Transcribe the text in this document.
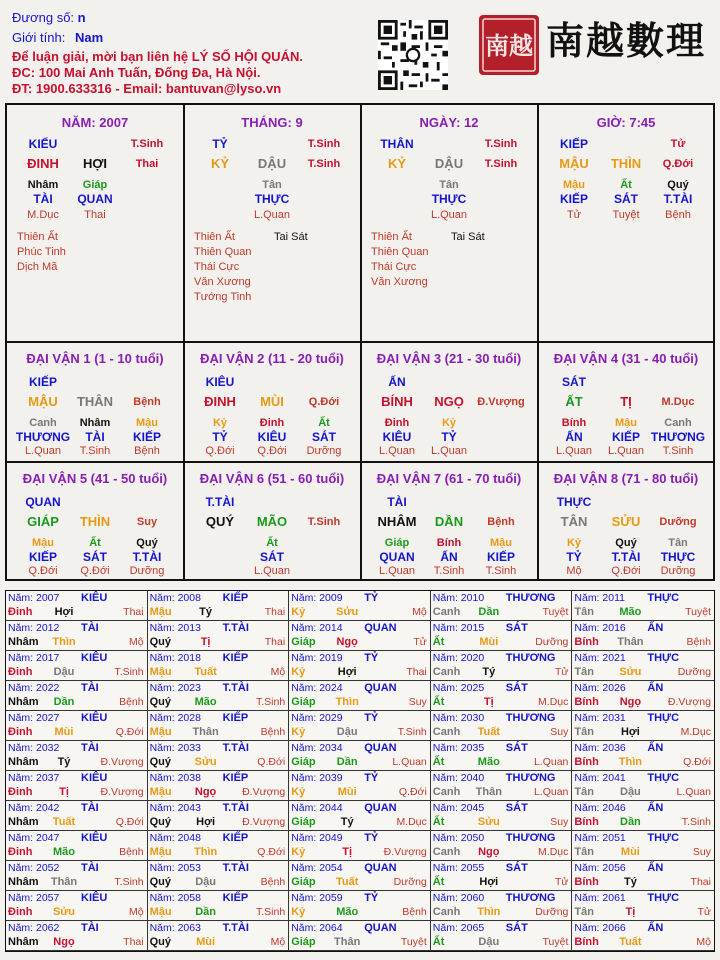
Đương số: n
Giới tính: Nam
Để luận giải, mời bạn liên hệ LÝ SỐ HỘI QUÁN.
ĐC: 100 Mai Anh Tuấn, Đống Đa, Hà Nội.
ĐT: 1900.633316 - Email: bantuvan@lyso.vn
南越 南越數理
NĂM: 2007
KIẾU	T.Sinh
ĐINH HỢI	Thai
Nhâm
TÀI
M.Dục
Giáp
QUAN
Thai
Thiên Ất
Phúc Tinh
Dịch Mã
THÁNG: 9
TỶ	T.Sinh
KỶ DẬU T.Sinh
Tân
THỰC
L.Quan
Thiên Ất
Thiên Quan
Thái Cực
Văn Xương
Tướng Tinh
Tai Sát
NGÀY: 12
THÂN	T.Sinh
KỶ DẬU T.Sinh
Tân
THỰC
L.Quan
Thiên Ất
Thiên Quan
Thái Cực
Văn Xương
Tai Sát
GIỜ: 7:45
KIẾP	Tử
MẬU THÌN Q.Đới
Mậu
KIẾP
Tử
Ất
SÁT
Tuyệt
Quý
T.TÀI
Bệnh
ĐẠI VẬN 1 (1 - 10 tuổi)
KIẾP
MẬU THÂN Bệnh
Canh
THƯƠNG
L.Quan
Nhâm
TÀI
T.Sinh
Mậu
KIẾP
Bệnh
ĐẠI VẬN 2 (11 - 20 tuổi)
KIÊU
ĐINH MÙI Q.Đới
Kỷ
TỶ
Q.Đới
Đinh
KIÊU
Q.Đới
Ất
SÁT
Dưỡng
ĐẠI VẬN 3 (21 - 30 tuổi)
ẤN
BÍNH NGỌ Đ.Vượng
Đinh
KIÊU
L.Quan
Kỷ
TỶ
L.Quan
ĐẠI VẬN 4 (31 - 40 tuổi)
SÁT
ẤT	TỊ	M.Dục
Bính
ẤN
L.Quan
Mậu
KIẾP
L.Quan
Canh
THƯƠNG
T.Sinh
ĐẠI VẬN 5 (41 - 50 tuổi)
QUAN
GIÁP THÌN Suy
Mậu
KIẾP
Q.Đới
Ất
SÁT
Q.Đới
Quý
T.TÀI
Dưỡng
ĐẠI VẬN 6 (51 - 60 tuổi)
T.TÀI
QUÝ MÃO T.Sinh
Ất
SÁT
L.Quan
ĐẠI VẬN 7 (61 - 70 tuổi)
TÀI
NHÂM DẦN Bệnh
Giáp
QUAN
L.Quan
Bính
ẤN
T.Sinh
Mậu
KIẾP
T.Sinh
ĐẠI VẬN 8 (71 - 80 tuổi)
THỰC
TÂN SỬU Dưỡng
Kỷ
TỶ
Mộ
Quý
T.TÀI
Q.Đới
Tân
THỰC
Dưỡng
Năm: 2007 KIÊU
Đinh Hợi	Thai
Năm: 2008 KIẾP
Mậu	Tý	Thai
Năm: 2009 TỶ
Kỷ	Sửu	Mộ
Năm: 2010 THƯƠNG
Canh Dần	Tuyệt
Năm: 2011 THỰC
Tân Mão	Tuyệt
Năm: 2012 TÀI
Nhâm Thìn	Mộ
Năm: 2013 T.TÀI
Quý	Tị	Thai
Năm: 2014 QUAN
Giáp Ngọ	Tử
Năm: 2015 SÁT
Ất	Mùi	Dưỡng
Năm: 2016 ẤN
Bính Thân	Bệnh
Năm: 2017 KIÊU
Đinh Dậu	T.Sinh
Năm: 2018 KIẾP
Mậu Tuất	Mộ
Năm: 2019 TỶ
Kỷ	Hợi	Thai
Năm: 2020 THƯƠNG
Canh Tý	Tử
Năm: 2021 THỰC
Tân Sửu	Dưỡng
Năm: 2022 TÀI
Nhâm Dần	Bệnh
Năm: 2023 T.TÀI
Quý Mão	T.Sinh
Năm: 2024 QUAN
Giáp Thìn	Suy
Năm: 2025 SÁT
Ất	Tị	M.Dục
Năm: 2026 ẤN
Bính Ngọ	Đ.Vượng
Năm: 2027 KIÊU
Đinh Mùi	Q.Đới
Năm: 2028 KIẾP
Mậu Thân	Bệnh
Năm: 2029 TỶ
Kỷ	Dậu	T.Sinh
Năm: 2030 THƯƠNG
Canh Tuất	Suy
Năm: 2031 THỰC
Tân Hợi	M.Dục
Năm: 2032 TÀI
Nhâm Tý	Đ.Vượng
Năm: 2033 T.TÀI
Quý Sửu	Q.Đới
Năm: 2034 QUAN
Giáp Dần	L.Quan
Năm: 2035 SÁT
Ất	Mão	L.Quan
Năm: 2036 ẤN
Bính Thìn	Q.Đới
Năm: 2037 KIÊU
Đinh Tị	Đ.Vượng
Năm: 2038 KIẾP
Mậu Ngọ Đ.Vượng
Năm: 2039 TỶ
Kỷ	Mùi	Q.Đới
Năm: 2040 THƯƠNG
Canh Thân	L.Quan
Năm: 2041 THỰC
Tân Dậu	L.Quan
Năm: 2042 TÀI
Nhâm Tuất	Q.Đới
Năm: 2043 T.TÀI
Quý Hợi	Đ.Vượng
Năm: 2044 QUAN
Giáp Tý	M.Dục
Năm: 2045 SÁT
Ất	Sửu	Suy
Năm: 2046 ẤN
Bính Dần	T.Sinh
Năm: 2047 KIÊU
Đinh Mão	Bệnh
Năm: 2048 KIẾP
Mậu Thìn	Q.Đới
Năm: 2049 TỶ
Kỷ	Tị	Đ.Vượng
Năm: 2050 THƯƠNG
Canh Ngọ	M.Dục
Năm: 2051 THỰC
Tân Mùi	Suy
Năm: 2052 TÀI
Nhâm Thân	T.Sinh
Năm: 2053 T.TÀI
Quý Dậu	Bệnh
Năm: 2054 QUAN
Giáp Tuất	Dưỡng
Năm: 2055 SÁT
Ất	Hợi	Tử
Năm: 2056 ẤN
Bính Tý	Thai
Năm: 2057 KIÊU
Đinh Sửu	Mộ
Năm: 2058 KIẾP
Mậu Dần	T.Sinh
Năm: 2059 TỶ
Kỷ	Mão	Bệnh
Năm: 2060 THƯƠNG
Canh Thìn	Dưỡng
Năm: 2061 THỰC
Tân	Tị	Tử
Năm: 2062 TÀI
Nhâm Ngọ	Thai
Năm: 2063 T.TÀI
Quý Mùi	Mộ
Năm: 2064 QUAN
Giáp Thân	Tuyệt
Năm: 2065 SÁT
Ất	Dậu	Tuyệt
Năm: 2066 ẤN
Bính Tuất	Mộ
